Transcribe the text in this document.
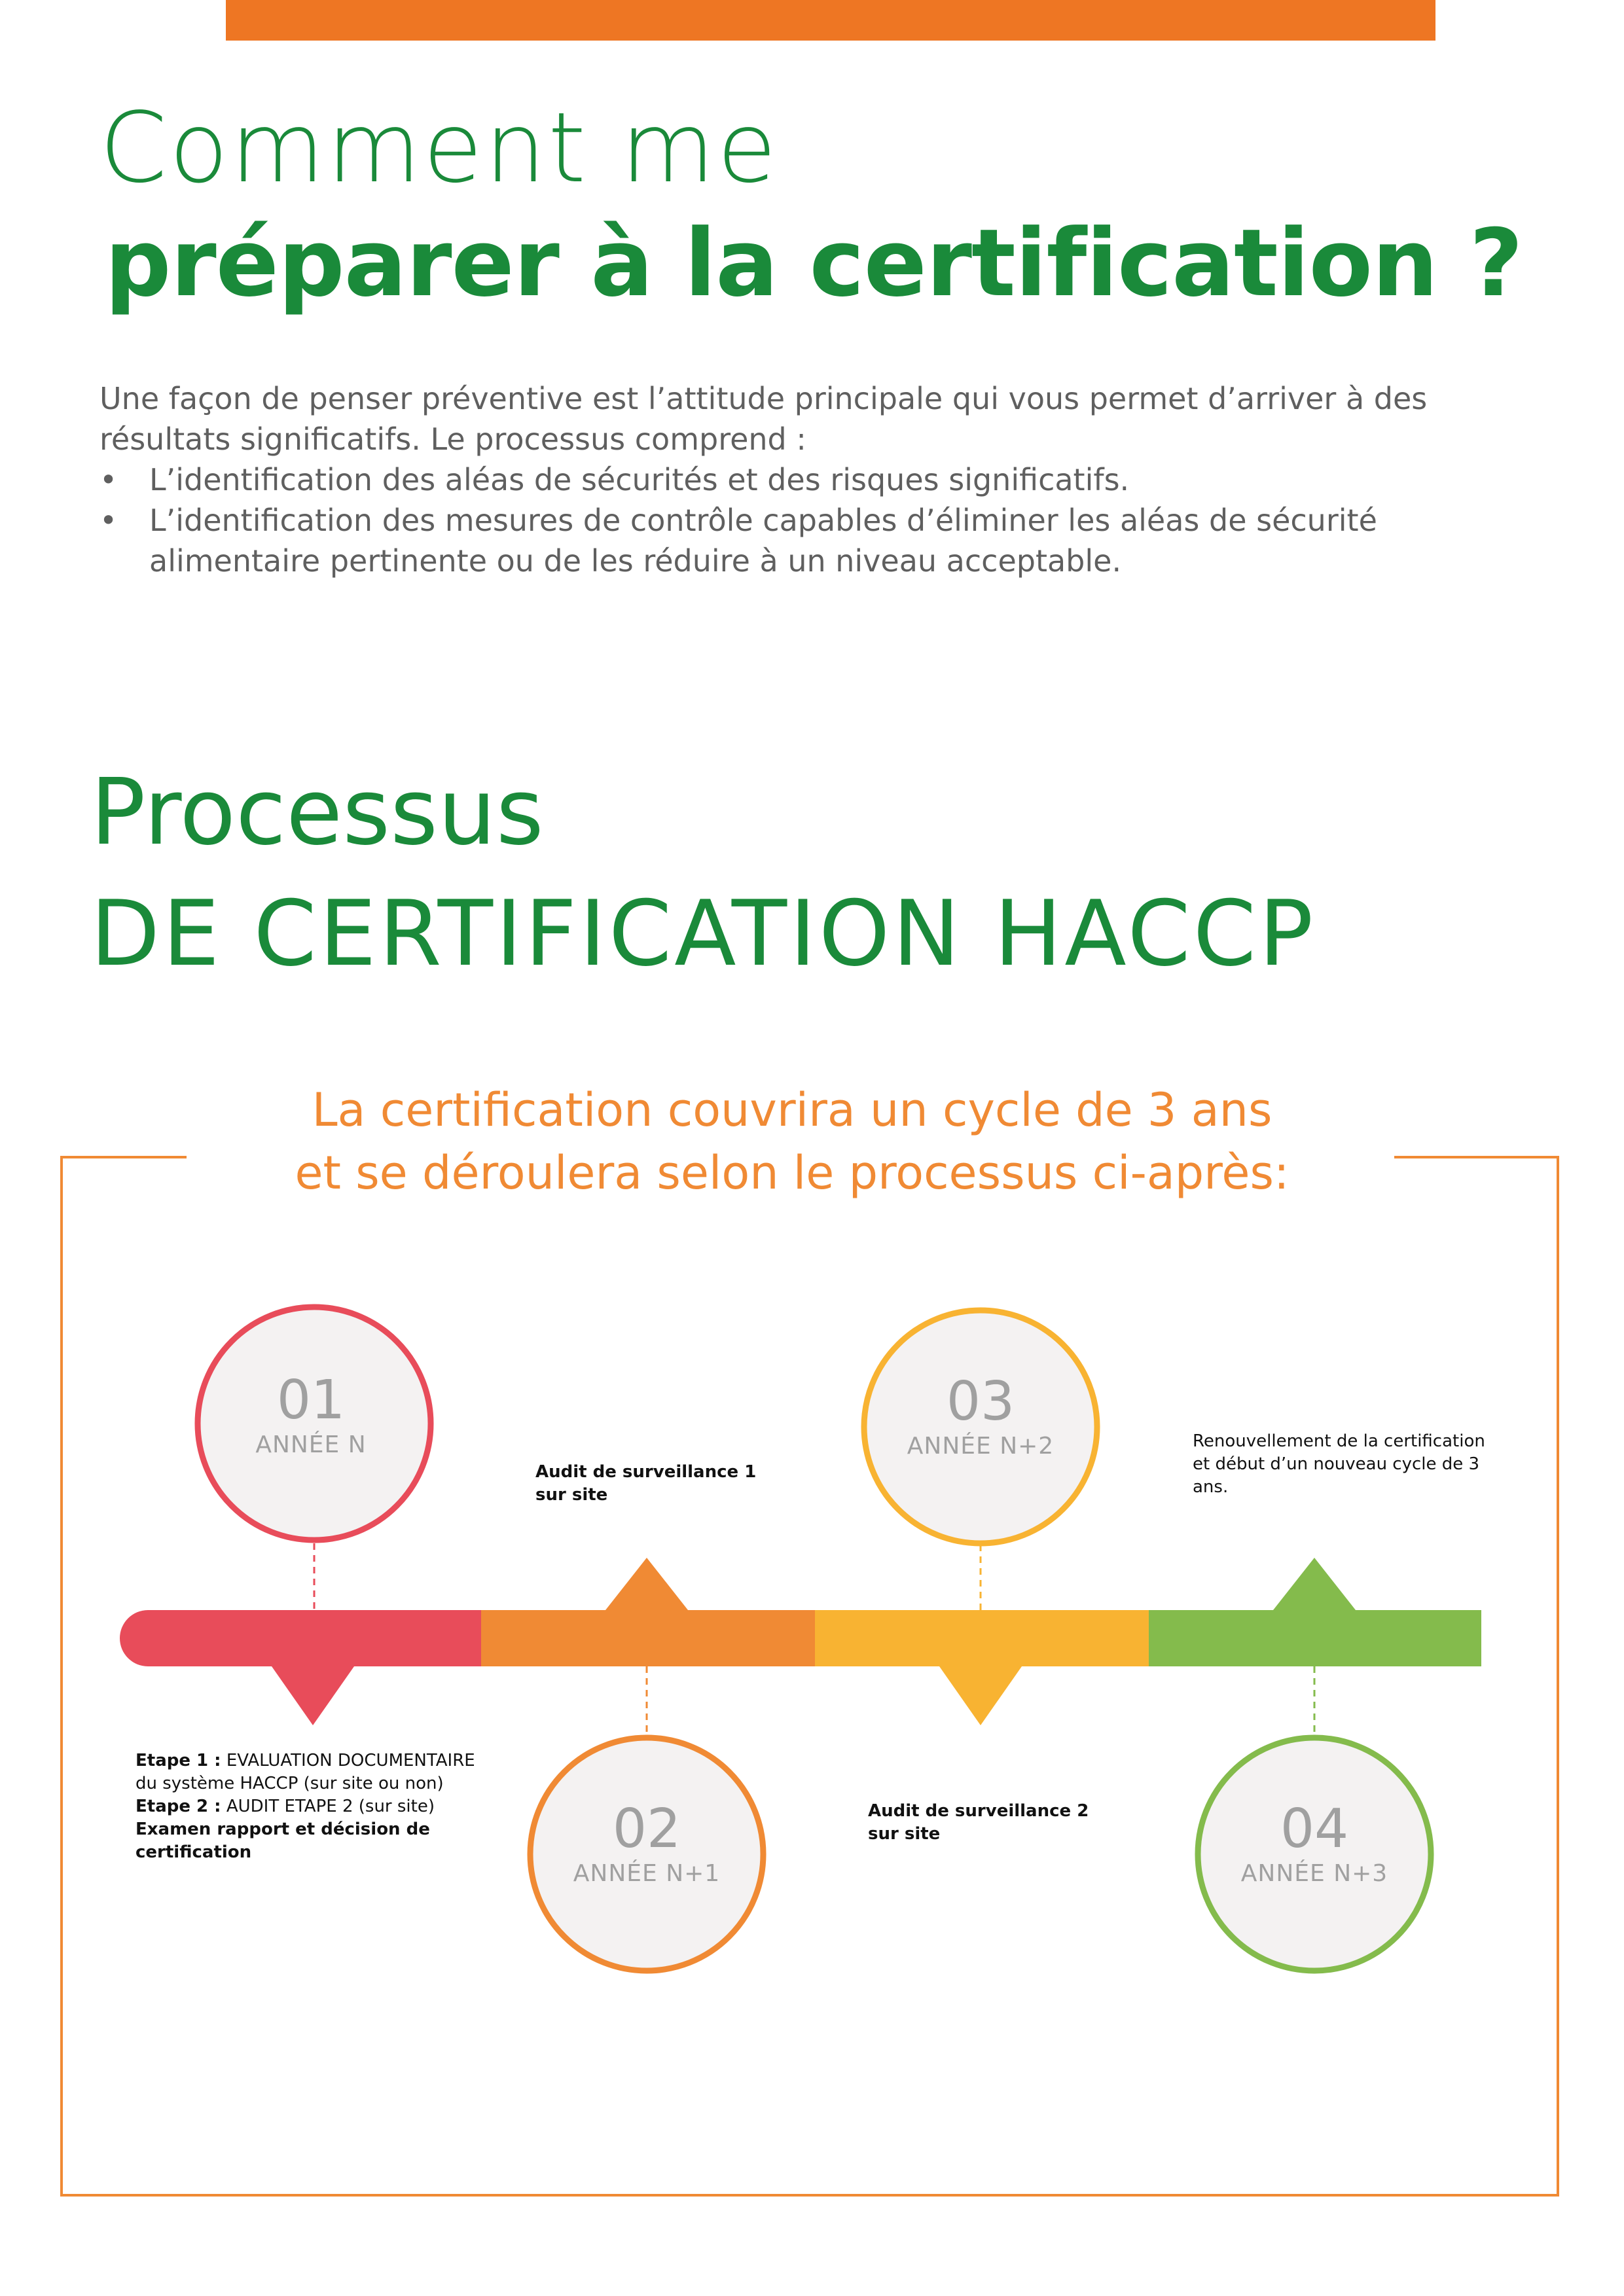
Comment me
préparer à la certification ?

Une façon de penser préventive est l’attitude principale qui vous permet d’arriver à des résultats significatifs. Le processus comprend :

• L’identification des aléas de sécurités et des risques significatifs.
• L’identification des mesures de contrôle capables d’éliminer les aléas de sécurité alimentaire pertinente ou de les réduire à un niveau acceptable.
Processus
DE CERTIFICATION HACCP
La certification couvrira un cycle de 3 ans
et se déroulera selon le processus ci-après:
01
ANNÉE N
02
ANNÉE N+1
03
ANNÉE N+2
04
ANNÉE N+3
Etape 1 : EVALUATION DOCUMENTAIRE
du système HACCP (sur site ou non)
Etape 2 : AUDIT ETAPE 2 (sur site)
Examen rapport et décision de
certification
Audit de surveillance 1
sur site
Audit de surveillance 2
sur site
Renouvellement de la certification
et début d’un nouveau cycle de 3
ans.
